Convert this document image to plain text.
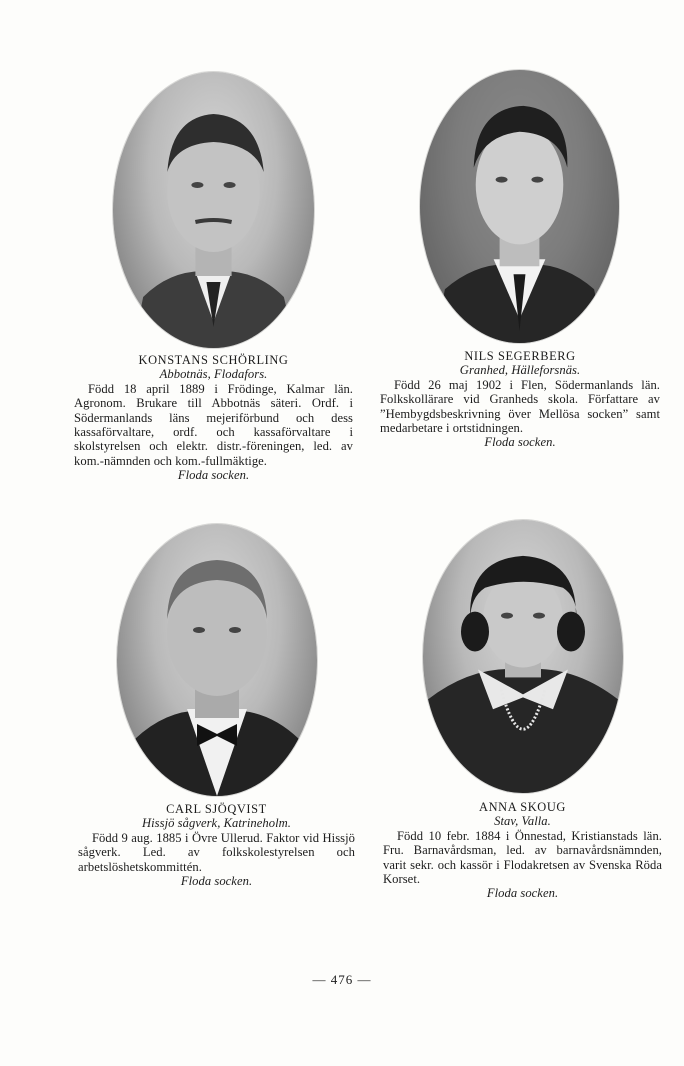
KONSTANS SCHÖRLING
Abbotnäs, Flodafors.
Född 18 april 1889 i Frödinge, Kalmar län. Agronom. Brukare till Abbotnäs säteri. Ordf. i Södermanlands läns mejeriförbund och dess kassaförvaltare, ordf. och kassaförvaltare i skolstyrelsen och elektr. distr.-föreningen, led. av kom.-nämnden och kom.-fullmäktige.
Floda socken.
NILS SEGERBERG
Granhed, Hälleforsnäs.
Född 26 maj 1902 i Flen, Södermanlands län. Folkskollärare vid Granheds skola. Författare av ”Hembygdsbeskrivning över Mellösa socken” samt medarbetare i ortstidningen.
Floda socken.
CARL SJÖQVIST
Hissjö sågverk, Katrineholm.
Född 9 aug. 1885 i Övre Ullerud. Faktor vid Hissjö sågverk. Led. av folkskolestyrelsen och arbetslöshetskommittén.
Floda socken.
ANNA SKOUG
Stav, Valla.
Född 10 febr. 1884 i Önnestad, Kristianstads län. Fru. Barnavårdsman, led. av barnavårdsnämnden, varit sekr. och kassör i Flodakretsen av Svenska Röda Korset.
Floda socken.
— 476 —
